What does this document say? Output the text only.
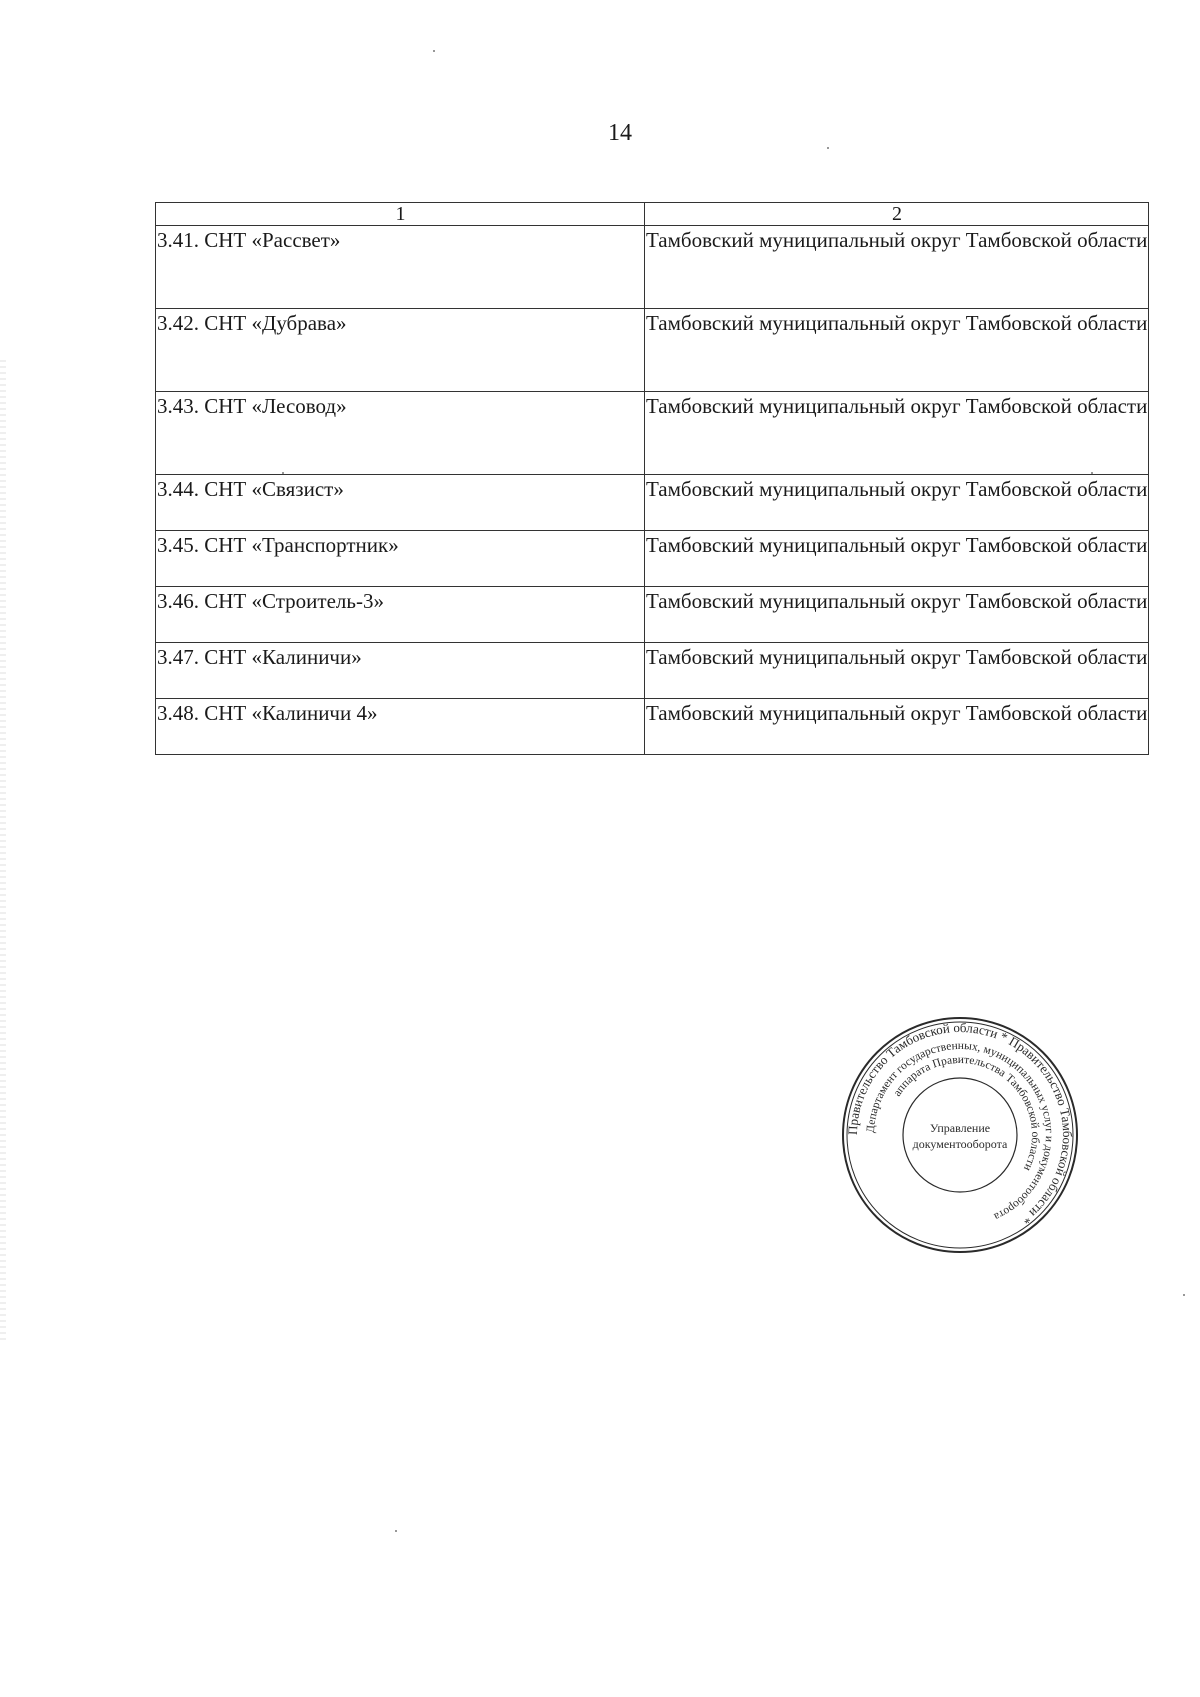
14
1	2
3.41. СНТ «Рассвет»	Тамбовский муниципальный округ Тамбовской области
3.42. СНТ «Дубрава»	Тамбовский муниципальный округ Тамбовской области
3.43. СНТ «Лесовод»	Тамбовский муниципальный округ Тамбовской области
3.44. СНТ «Связист»	Тамбовский муниципальный округ Тамбовской области
3.45. СНТ «Транспортник»	Тамбовский муниципальный округ Тамбовской области
3.46. СНТ «Строитель-3»	Тамбовский муниципальный округ Тамбовской области
3.47. СНТ «Калиничи»	Тамбовский муниципальный округ Тамбовской области
3.48. СНТ «Калиничи 4»	Тамбовский муниципальный округ Тамбовской области
Правительство Тамбовской области * Правительство Тамбовской области *
Департамент государственных, муниципальных услуг и документооборота
аппарата Правительства Тамбовской области
Управление
документооборота
